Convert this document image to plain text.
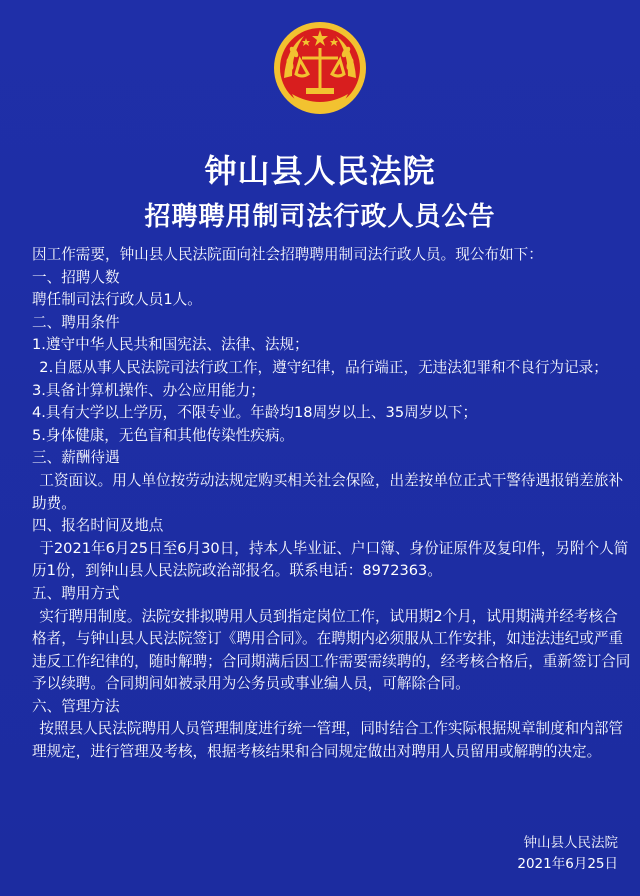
钟山县人民法院
招聘聘用制司法行政人员公告

因工作需要，钟山县人民法院面向社会招聘聘用制司法行政人员。现公布如下：

一、招聘人数

聘任制司法行政人员1人。

二、聘用条件

1.遵守中华人民共和国宪法、法律、法规；

2.自愿从事人民法院司法行政工作，遵守纪律，品行端正，无违法犯罪和不良行为记录；

3.具备计算机操作、办公应用能力；

4.具有大学以上学历，不限专业。年龄均18周岁以上、35周岁以下；

5.身体健康，无色盲和其他传染性疾病。

三、薪酬待遇

工资面议。用人单位按劳动法规定购买相关社会保险，出差按单位正式干警待遇报销差旅补助费。

四、报名时间及地点

于2021年6月25日至6月30日，持本人毕业证、户口簿、身份证原件及复印件，另附个人简历1份，到钟山县人民法院政治部报名。联系电话：8972363。

五、聘用方式

实行聘用制度。法院安排拟聘用人员到指定岗位工作，试用期2个月，试用期满并经考核合格者，与钟山县人民法院签订《聘用合同》。在聘期内必须服从工作安排，如违法违纪或严重违反工作纪律的，随时解聘；合同期满后因工作需要需续聘的，经考核合格后，重新签订合同予以续聘。合同期间如被录用为公务员或事业编人员，可解除合同。

六、管理方法

按照县人民法院聘用人员管理制度进行统一管理，同时结合工作实际根据规章制度和内部管理规定，进行管理及考核，根据考核结果和合同规定做出对聘用人员留用或解聘的决定。

钟山县人民法院
2021年6月25日
